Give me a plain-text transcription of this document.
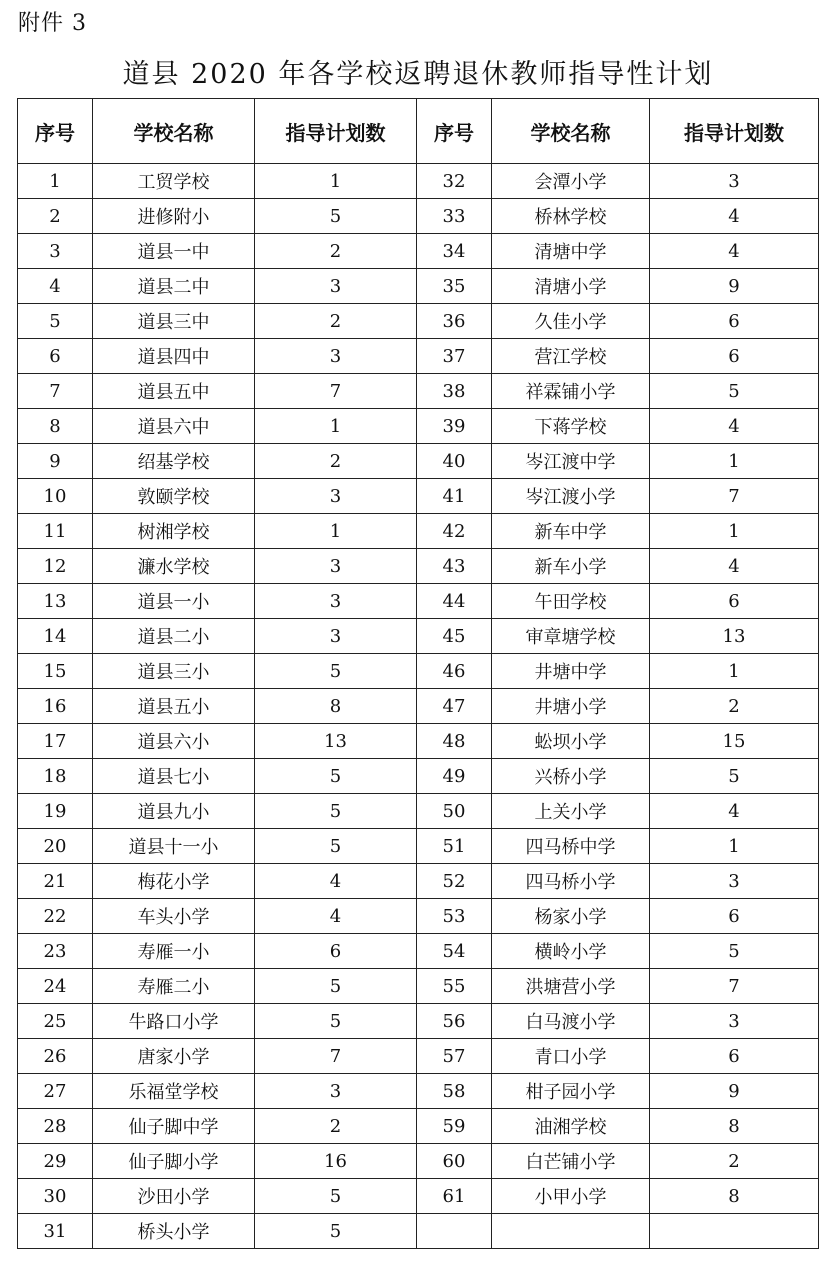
附件 3
道县 2020 年各学校返聘退休教师指导性计划
序号	学校名称	指导计划数	序号	学校名称	指导计划数
1	工贸学校	1	32	会潭小学	3
2	进修附小	5	33	桥林学校	4
3	道县一中	2	34	清塘中学	4
4	道县二中	3	35	清塘小学	9
5	道县三中	2	36	久佳小学	6
6	道县四中	3	37	营江学校	6
7	道县五中	7	38	祥霖铺小学	5
8	道县六中	1	39	下蒋学校	4
9	绍基学校	2	40	岑江渡中学	1
10	敦颐学校	3	41	岑江渡小学	7
11	树湘学校	1	42	新车中学	1
12	濂水学校	3	43	新车小学	4
13	道县一小	3	44	午田学校	6
14	道县二小	3	45	审章塘学校	13
15	道县三小	5	46	井塘中学	1
16	道县五小	8	47	井塘小学	2
17	道县六小	13	48	蚣坝小学	15
18	道县七小	5	49	兴桥小学	5
19	道县九小	5	50	上关小学	4
20	道县十一小	5	51	四马桥中学	1
21	梅花小学	4	52	四马桥小学	3
22	车头小学	4	53	杨家小学	6
23	寿雁一小	6	54	横岭小学	5
24	寿雁二小	5	55	洪塘营小学	7
25	牛路口小学	5	56	白马渡小学	3
26	唐家小学	7	57	青口小学	6
27	乐福堂学校	3	58	柑子园小学	9
28	仙子脚中学	2	59	油湘学校	8
29	仙子脚小学	16	60	白芒铺小学	2
30	沙田小学	5	61	小甲小学	8
31	桥头小学	5			
